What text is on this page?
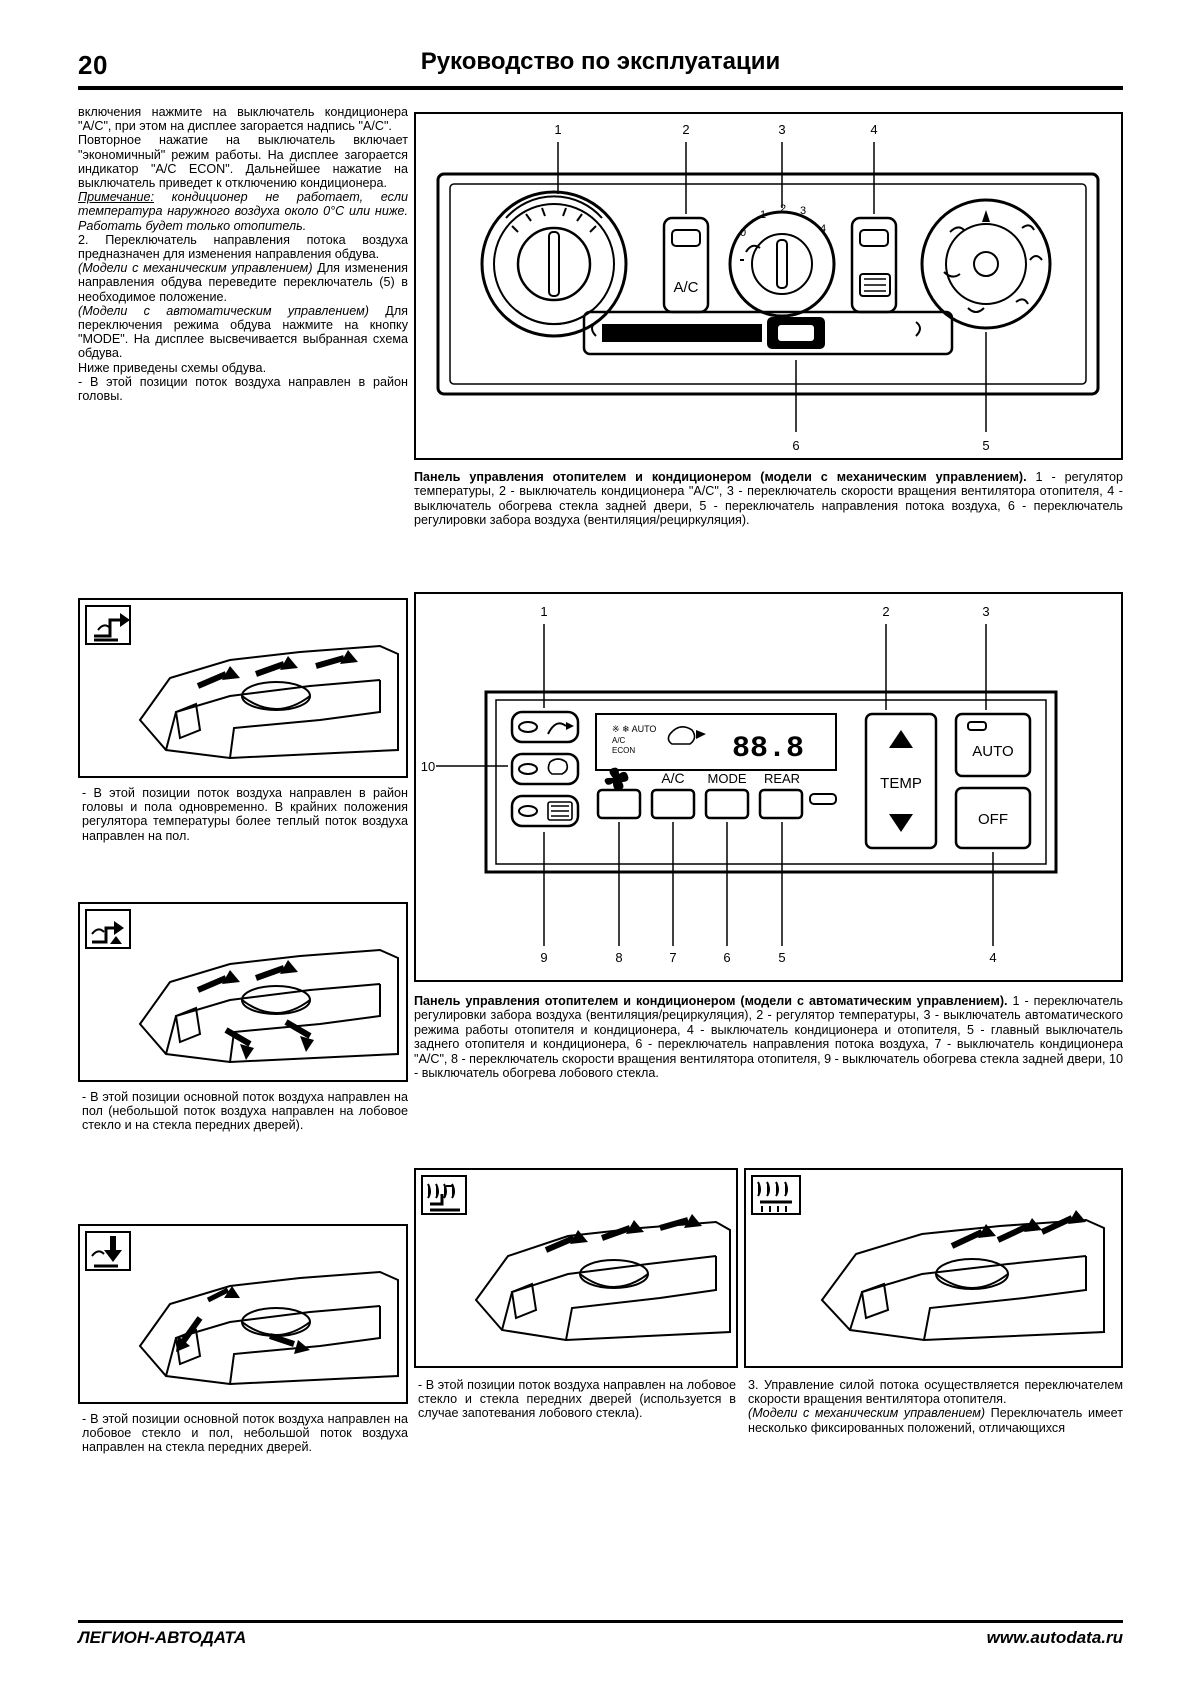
20	Руководство по эксплуатации

включения нажмите на выключатель кондиционера "A/C", при этом на дисплее загорается надпись "A/C".

Повторное нажатие на выключатель включает "экономичный" режим работы. На дисплее загорается индикатор "A/C ECON". Дальнейшее нажатие на выключатель приведет к отключению кондиционера.

Примечание: кондиционер не работает, если температура наружного воздуха около 0°C или ниже. Работать будет только отопитель.

2. Переключатель направления потока воздуха предназначен для изменения направления обдува.

(Модели с механическим управлением) Для изменения направления обдува переведите переключатель (5) в необходимое положение.

(Модели с автоматическим управлением) Для переключения режима обдува нажмите на кнопку "MODE". На дисплее высвечивается выбранная схема обдува.

Ниже приведены схемы обдува.

- В этой позиции поток воздуха направлен в район головы.

- В этой позиции поток воздуха направлен в район головы и пола одновременно. В крайних положения регулятора температуры более теплый поток воздуха направлен на пол.
- В этой позиции основной поток воздуха направлен на пол (небольшой поток воздуха направлен на лобовое стекло и на стекла передних дверей).
- В этой позиции основной поток воздуха направлен на лобовое стекло и пол, небольшой поток воздуха направлен на стекла передних дверей.
A/C
0
1 2 3
4
1	2	3	4
6	5
Панель управления отопителем и кондиционером (модели с механическим управлением). 1 - регулятор температуры, 2 - выключатель кондиционера "A/C", 3 - переключатель скорости вращения вентилятора отопителя, 4 - выключатель обогрева стекла задней двери, 5 - переключатель направления потока воздуха, 6 - переключатель регулировки забора воздуха (вентиляция/рециркуляция).
※ ❄ AUTO
A/C
ECON	88.8
A/C MODE REAR	TEMP
AUTO
OFF
1	2	3
10
9	8	7	6	5	4
Панель управления отопителем и кондиционером (модели с автоматическим управлением). 1 - переключатель регулировки забора воздуха (вентиляция/рециркуляция), 2 - регулятор температуры, 3 - выключатель автоматического режима работы отопителя и кондиционера, 4 - выключатель кондиционера и отопителя, 5 - главный выключатель заднего отопителя и кондиционера, 6 - переключатель направления потока воздуха, 7 - выключатель кондиционера "A/C", 8 - переключатель скорости вращения вентилятора отопителя, 9 - выключатель обогрева стекла задней двери, 10 - выключатель обогрева лобового стекла.
- В этой позиции поток воздуха направлен на лобовое стекло и стекла передних дверей (используется в случае запотевания лобового стекла).
3. Управление силой потока осуществляется переключателем скорости вращения вентилятора отопителя.
(Модели с механическим управлением) Переключатель имеет несколько фиксированных положений, отличающихся
ЛЕГИОН-АВТОДАТА	www.autodata.ru
